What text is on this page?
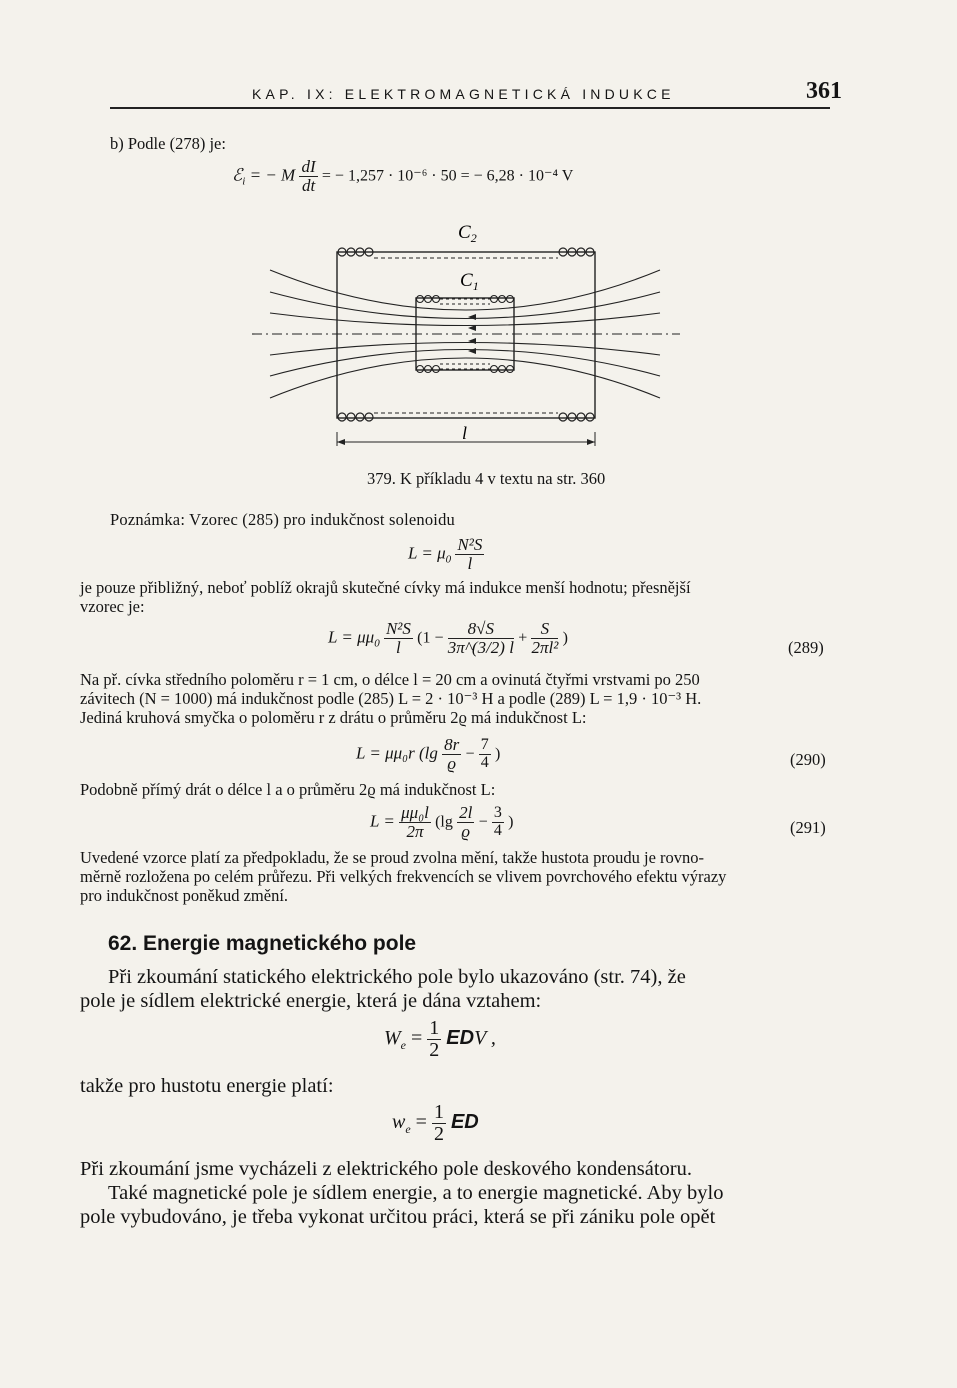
KAP. IX: ELEKTROMAGNETICKÁ INDUKCE	361
b) Podle (278) je:
ℰ$_i$ = − M $\frac{dI}{dt}$ = − 1,257 · 10⁻⁶ · 50 = − 6,28 · 10⁻⁴ V
$C_2$
$C_1$
l
379. K příkladu 4 v textu na str. 360
Poznámka: Vzorec (285) pro indukčnost solenoidu
$L = \mu_0 \frac{\text{N²S}}{l}$
je pouze přibližný, neboť poblíž okrajů skutečné cívky má indukce menší hodnotu; přesnější
vzorec je:
$L = \mu\mu_0 \frac{\text{N²S}}{l} (1 - \frac{8√S}{3\pi\^{}(3/2) l} + \frac{S}{\text{2πl²}}$ )
(289)
Na př. cívka středního poloměru r = 1 cm, o délce l = 20 cm a ovinutá čtyřmi vrstvami po 250
závitech (N = 1000) má indukčnost podle (285) L = 2 · 10⁻³ H a podle (289) L = 1,9 · 10⁻³ H.
Jediná kruhová smyčka o poloměru r z drátu o průměru 2ϱ má indukčnost L:
L = μμ₀r ($\lg \frac{8r}{ϱ} - \frac{7}{4}$ )	(290)
Podobně přímý drát o délce l a o průměru 2ϱ má indukčnost L:
$L = \frac{\text{μμ₀l}}{2\pi} (\lg \frac{2l}{ϱ} - \frac{3}{4}$ )	(291)
Uvedené vzorce platí za předpokladu, že se proud zvolna mění, takže hustota proudu je rovno-
měrně rozložena po celém průřezu. Při velkých frekvencích se vlivem povrchového efektu výrazy
pro indukčnost poněkud změní.
62. Energie magnetického pole
Při zkoumání statického elektrického pole bylo ukazováno (str. 74), že
pole je sídlem elektrické energie, která je dána vztahem:
$W_e = \frac{1}{2}$ EDV ,
takže pro hustotu energie platí:
$w_e = \frac{1}{2}$ ED
Při zkoumání jsme vycházeli z elektrického pole deskového kondensátoru.
Také magnetické pole je sídlem energie, a to energie magnetické. Aby bylo
pole vybudováno, je třeba vykonat určitou práci, která se při zániku pole opět
